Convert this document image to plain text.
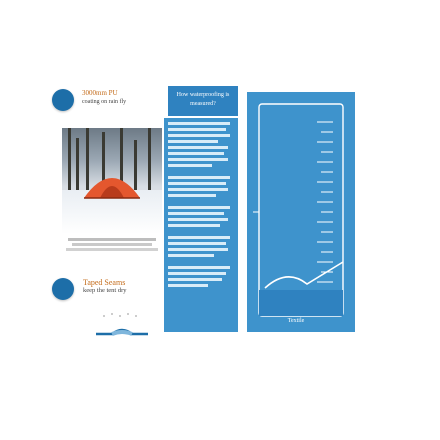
3000mm PU
coating on rain fly
Taped Seams
keep the tent dry
How waterproofing is
measured?
Textile
